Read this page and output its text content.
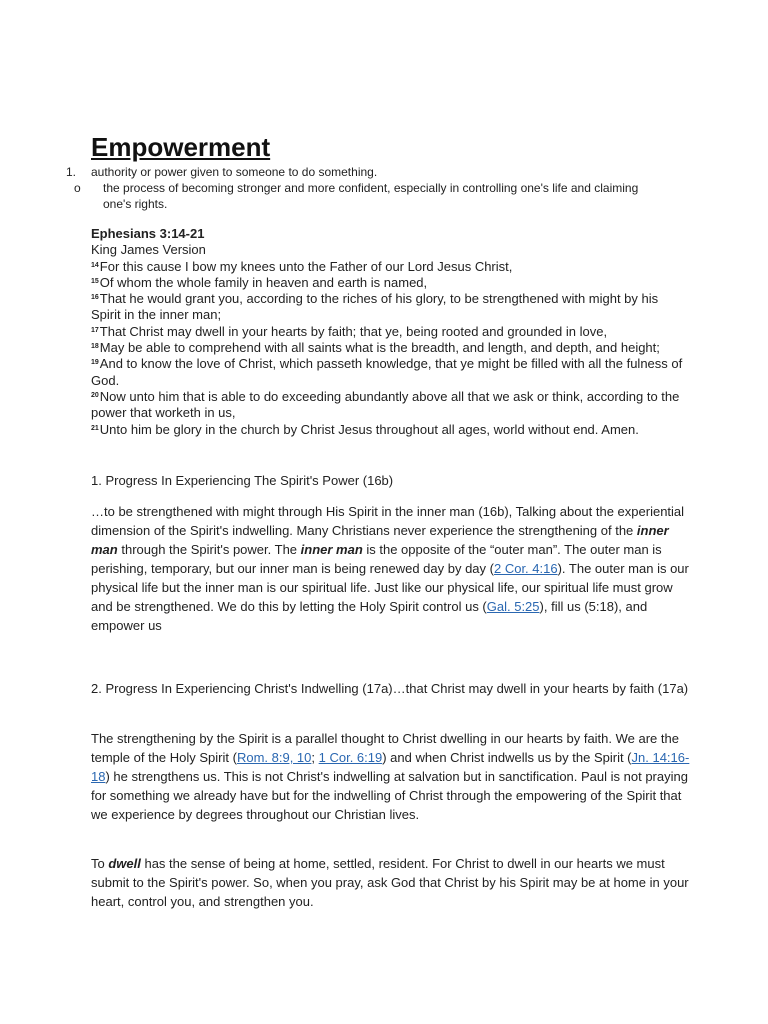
Empowerment
1. authority or power given to someone to do something.
o the process of becoming stronger and more confident, especially in controlling one's life and claiming one's rights.
Ephesians 3:14-21
King James Version
$^{14}$For this cause I bow my knees unto the Father of our Lord Jesus Christ,
$^{15}$Of whom the whole family in heaven and earth is named,
$^{16}$That he would grant you, according to the riches of his glory, to be strengthened with might by his Spirit in the inner man;
$^{17}$That Christ may dwell in your hearts by faith; that ye, being rooted and grounded in love,
$^{18}$May be able to comprehend with all saints what is the breadth, and length, and depth, and height;
$^{19}$And to know the love of Christ, which passeth knowledge, that ye might be filled with all the fulness of God.
$^{20}$Now unto him that is able to do exceeding abundantly above all that we ask or think, according to the power that worketh in us,
$^{21}$Unto him be glory in the church by Christ Jesus throughout all ages, world without end. Amen.
1. Progress In Experiencing The Spirit's Power (16b)
…to be strengthened with might through His Spirit in the inner man (16b), Talking about the experiential dimension of the Spirit's indwelling. Many Christians never experience the strengthening of the inner man through the Spirit's power. The inner man is the opposite of the “outer man”. The outer man is perishing, temporary, but our inner man is being renewed day by day (2 Cor. 4:16). The outer man is our physical life but the inner man is our spiritual life. Just like our physical life, our spiritual life must grow and be strengthened. We do this by letting the Holy Spirit control us (Gal. 5:25), fill us (5:18), and empower us
2. Progress In Experiencing Christ's Indwelling (17a)…that Christ may dwell in your hearts by faith (17a)
The strengthening by the Spirit is a parallel thought to Christ dwelling in our hearts by faith. We are the temple of the Holy Spirit (Rom. 8:9, 10; 1 Cor. 6:19) and when Christ indwells us by the Spirit (Jn. 14:16-18) he strengthens us. This is not Christ's indwelling at salvation but in sanctification. Paul is not praying for something we already have but for the indwelling of Christ through the empowering of the Spirit that we experience by degrees throughout our Christian lives.
To dwell has the sense of being at home, settled, resident. For Christ to dwell in our hearts we must submit to the Spirit's power. So, when you pray, ask God that Christ by his Spirit may be at home in your heart, control you, and strengthen you.
